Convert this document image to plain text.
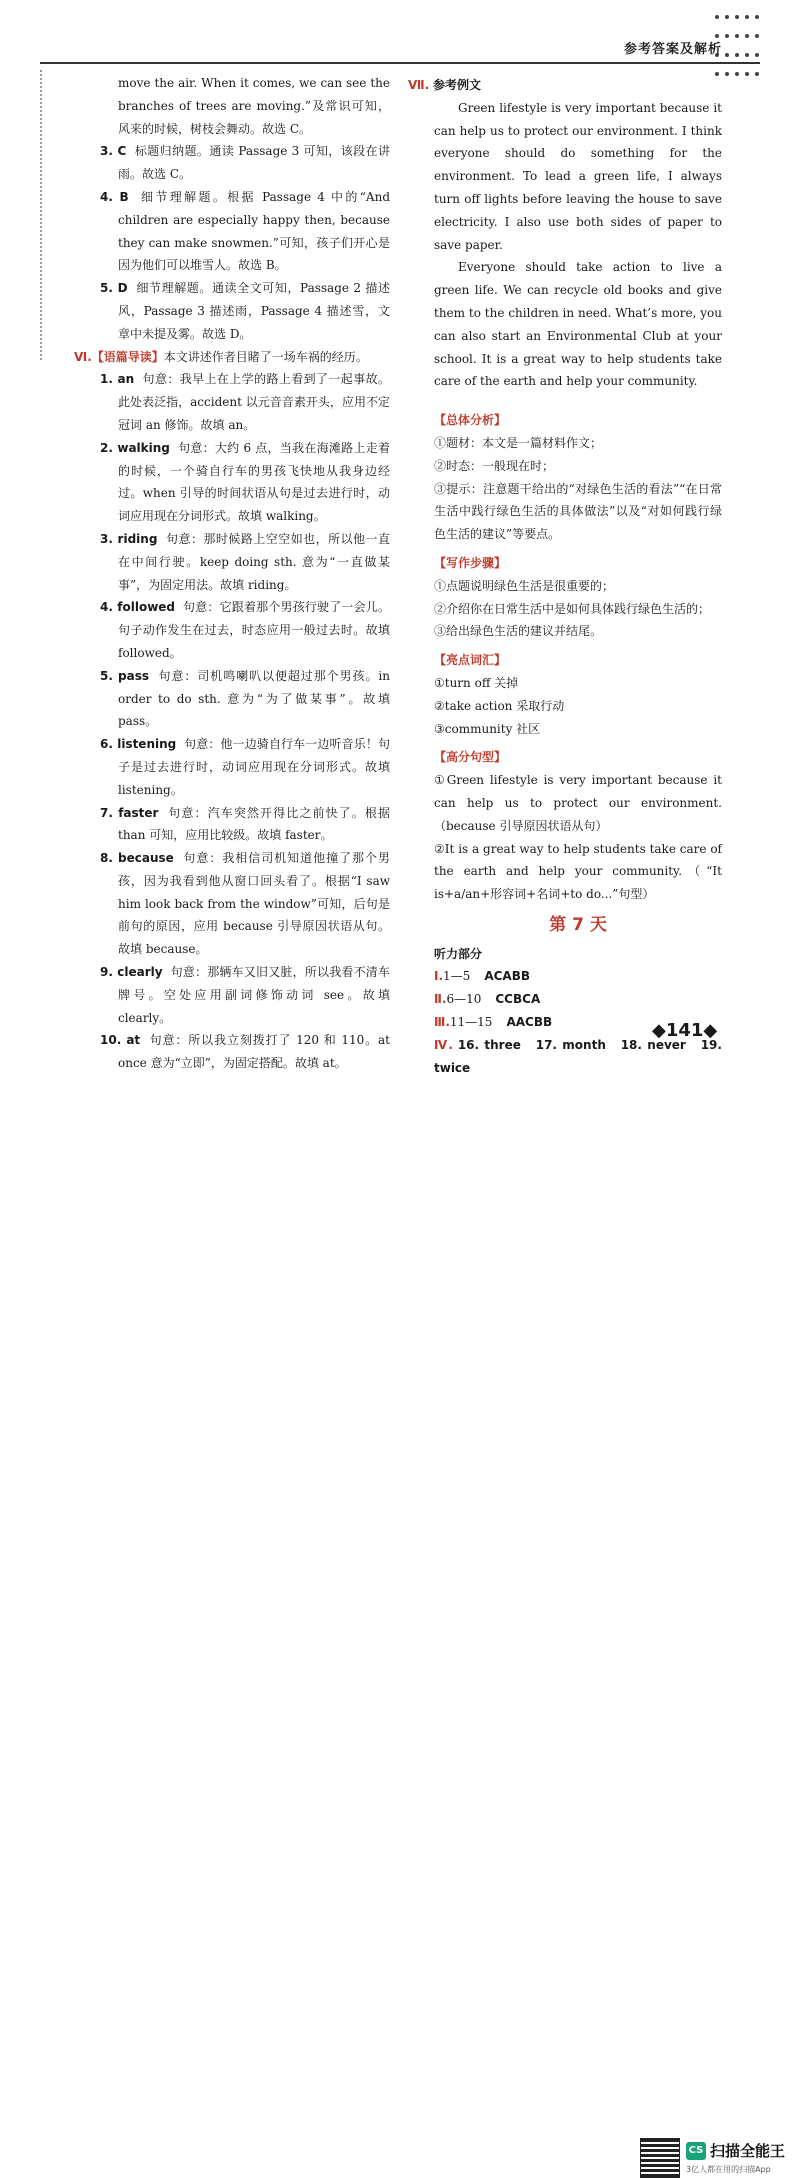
参考答案及解析

move the air. When it comes, we can see the branches of trees are moving.”及常识可知，风来的时候，树枝会舞动。故选 C。

3. C 标题归纳题。通读 Passage 3 可知，该段在讲雨。故选 C。

4. B 细节理解题。根据 Passage 4 中的“And children are especially happy then, because they can make snowmen.”可知，孩子们开心是因为他们可以堆雪人。故选 B。

5. D 细节理解题。通读全文可知，Passage 2 描述风，Passage 3 描述雨，Passage 4 描述雪，文章中未提及雾。故选 D。

Ⅵ.【语篇导读】本文讲述作者目睹了一场车祸的经历。

1. an 句意：我早上在上学的路上看到了一起事故。此处表泛指，accident 以元音音素开头，应用不定冠词 an 修饰。故填 an。

2. walking 句意：大约 6 点，当我在海滩路上走着的时候，一个骑自行车的男孩飞快地从我身边经过。when 引导的时间状语从句是过去进行时，动词应用现在分词形式。故填 walking。

3. riding 句意：那时候路上空空如也，所以他一直在中间行驶。keep doing sth. 意为“一直做某事”，为固定用法。故填 riding。

4. followed 句意：它跟着那个男孩行驶了一会儿。句子动作发生在过去，时态应用一般过去时。故填 followed。

5. pass 句意：司机鸣喇叭以便超过那个男孩。in order to do sth. 意为“为了做某事”。故填 pass。

6. listening 句意：他一边骑自行车一边听音乐！句子是过去进行时，动词应用现在分词形式。故填 listening。

7. faster 句意：汽车突然开得比之前快了。根据 than 可知，应用比较级。故填 faster。

8. because 句意：我相信司机知道他撞了那个男孩，因为我看到他从窗口回头看了。根据“I saw him look back from the window”可知，后句是前句的原因，应用 because 引导原因状语从句。故填 because。

9. clearly 句意：那辆车又旧又脏，所以我看不清车牌号。空处应用副词修饰动词 see。故填 clearly。

10. at 句意：所以我立刻拨打了 120 和 110。at once 意为“立即”，为固定搭配。故填 at。

Ⅶ. 参考例文

Green lifestyle is very important because it can help us to protect our environment. I think everyone should do something for the environment. To lead a green life, I always turn off lights before leaving the house to save electricity. I also use both sides of paper to save paper.

Everyone should take action to live a green life. We can recycle old books and give them to the children in need. What’s more, you can also start an Environmental Club at your school. It is a great way to help students take care of the earth and help your community.

【总体分析】

①题材：本文是一篇材料作文；

②时态：一般现在时；

③提示：注意题干给出的“对绿色生活的看法”“在日常生活中践行绿色生活的具体做法”以及“对如何践行绿色生活的建议”等要点。

【写作步骤】

①点题说明绿色生活是很重要的；

②介绍你在日常生活中是如何具体践行绿色生活的；

③给出绿色生活的建议并结尾。

【亮点词汇】

①turn off 关掉

②take action 采取行动

③community 社区

【高分句型】

①Green lifestyle is very important because it can help us to protect our environment.（because 引导原因状语从句）

②It is a great way to help students take care of the earth and help your community.（“It is+a/an+形容词+名词+to do...”句型）

第 7 天

听力部分

Ⅰ.1—5 ACABB

Ⅱ.6—10 CCBCA

Ⅲ.11—15 AACBB

Ⅳ. 16. three 17. month 18. never 19. twice

◆141◆
CS 扫描全能王
3亿人都在用的扫描App
